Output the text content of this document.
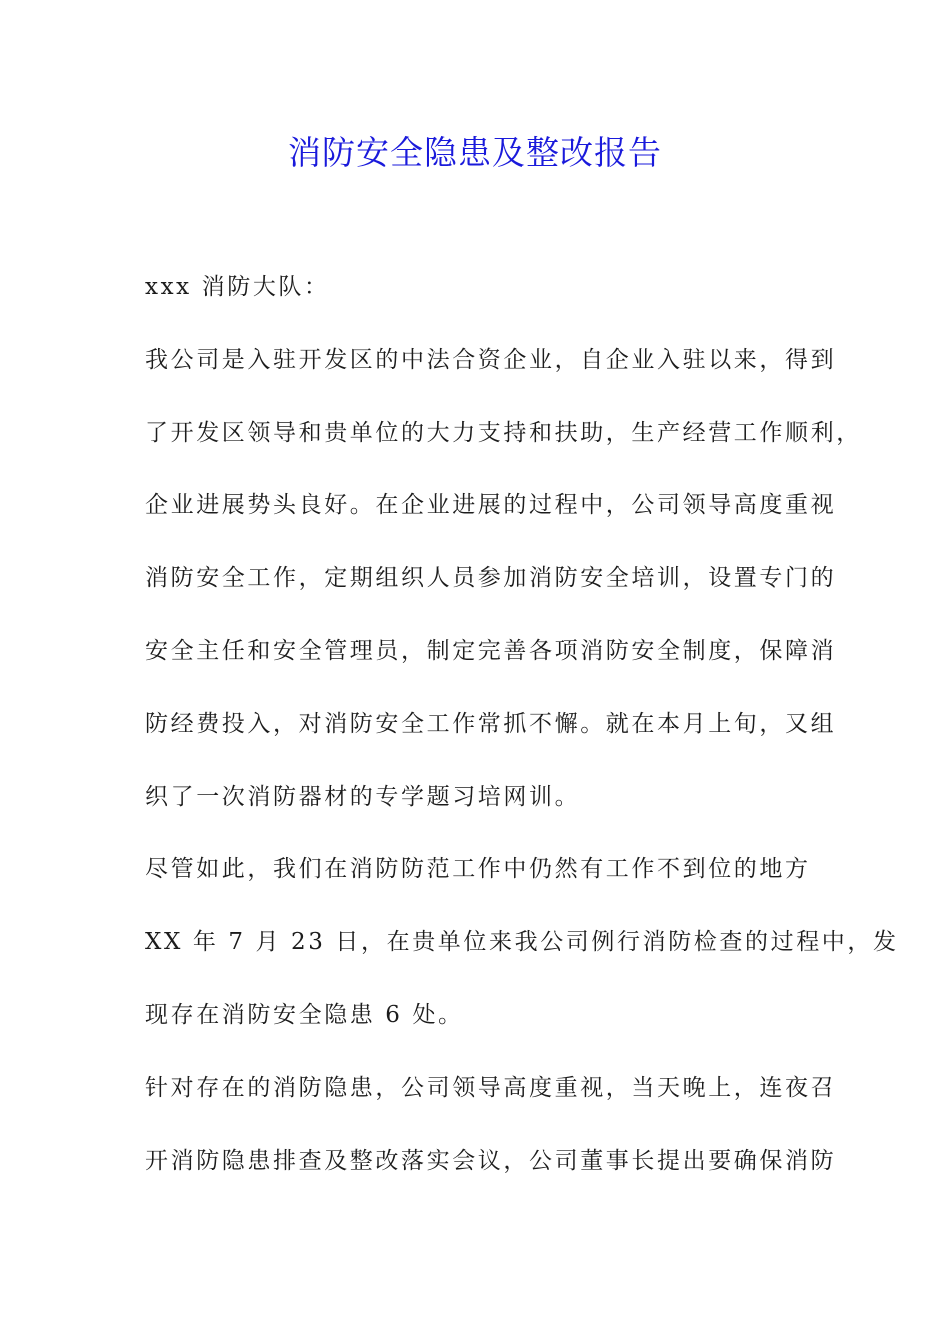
消防安全隐患及整改报告
xxx 消防大队：
我公司是入驻开发区的中法合资企业，自企业入驻以来，得到
了开发区领导和贵单位的大力支持和扶助，生产经营工作顺利，
企业进展势头良好。在企业进展的过程中，公司领导高度重视
消防安全工作，定期组织人员参加消防安全培训，设置专门的
安全主任和安全管理员，制定完善各项消防安全制度，保障消
防经费投入，对消防安全工作常抓不懈。就在本月上旬，又组
织了一次消防器材的专学题习培网训。
尽管如此，我们在消防防范工作中仍然有工作不到位的地方
XX 年 7 月 23 日，在贵单位来我公司例行消防检查的过程中，发
现存在消防安全隐患 6 处。
针对存在的消防隐患，公司领导高度重视，当天晚上，连夜召
开消防隐患排查及整改落实会议，公司董事长提出要确保消防
